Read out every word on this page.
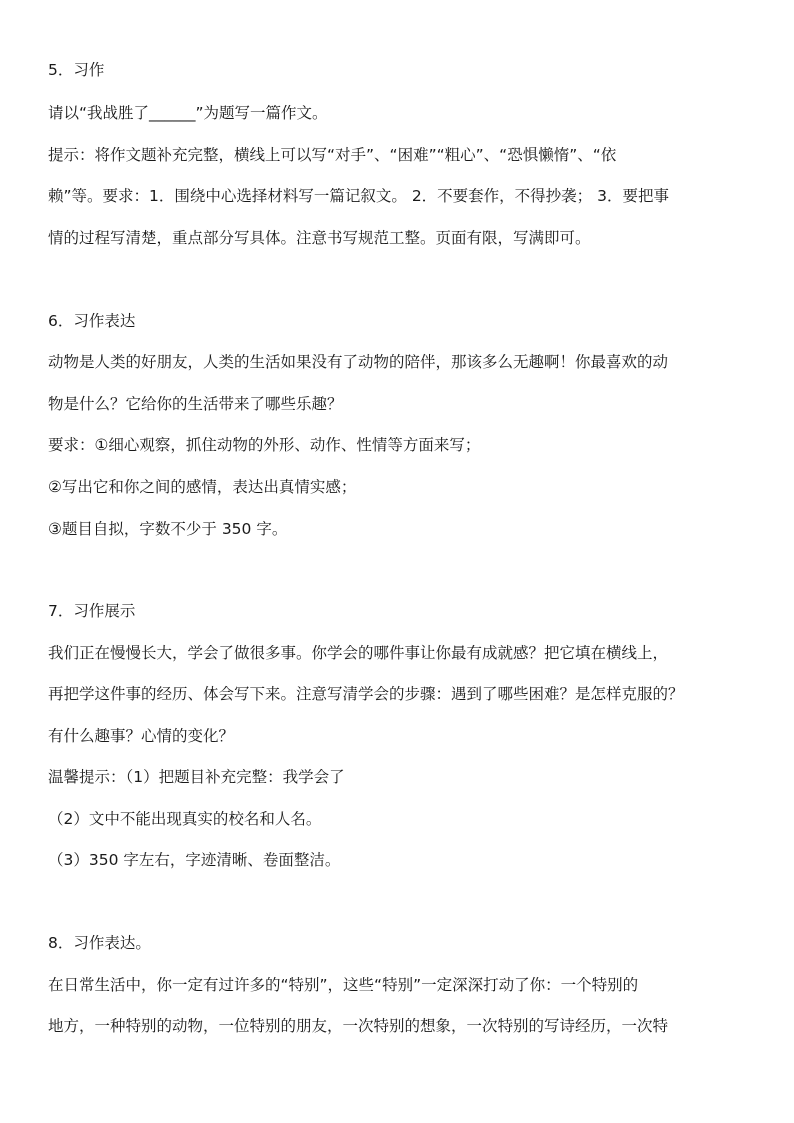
5．习作
请以“我战胜了______”为题写一篇作文。
提示：将作文题补充完整，横线上可以写“对手”、“困难”“粗心”、“恐惧懒惰”、“依
赖”等。要求：1．围绕中心选择材料写一篇记叙文。 2．不要套作，不得抄袭； 3．要把事
情的过程写清楚，重点部分写具体。注意书写规范工整。页面有限，写满即可。
6．习作表达
动物是人类的好朋友，人类的生活如果没有了动物的陪伴，那该多么无趣啊！你最喜欢的动
物是什么？它给你的生活带来了哪些乐趣？
要求：①细心观察，抓住动物的外形、动作、性情等方面来写；
②写出它和你之间的感情，表达出真情实感；
③题目自拟，字数不少于 350 字。
7．习作展示
我们正在慢慢长大，学会了做很多事。你学会的哪件事让你最有成就感？把它填在横线上，
再把学这件事的经历、体会写下来。注意写清学会的步骤：遇到了哪些困难？是怎样克服的？
有什么趣事？心情的变化？
温馨提示：（1）把题目补充完整：我学会了
（2）文中不能出现真实的校名和人名。
（3）350 字左右，字迹清晰、卷面整洁。
8．习作表达。
在日常生活中，你一定有过许多的“特别”，这些“特别”一定深深打动了你：一个特别的
地方，一种特别的动物，一位特别的朋友，一次特别的想象，一次特别的写诗经历，一次特
